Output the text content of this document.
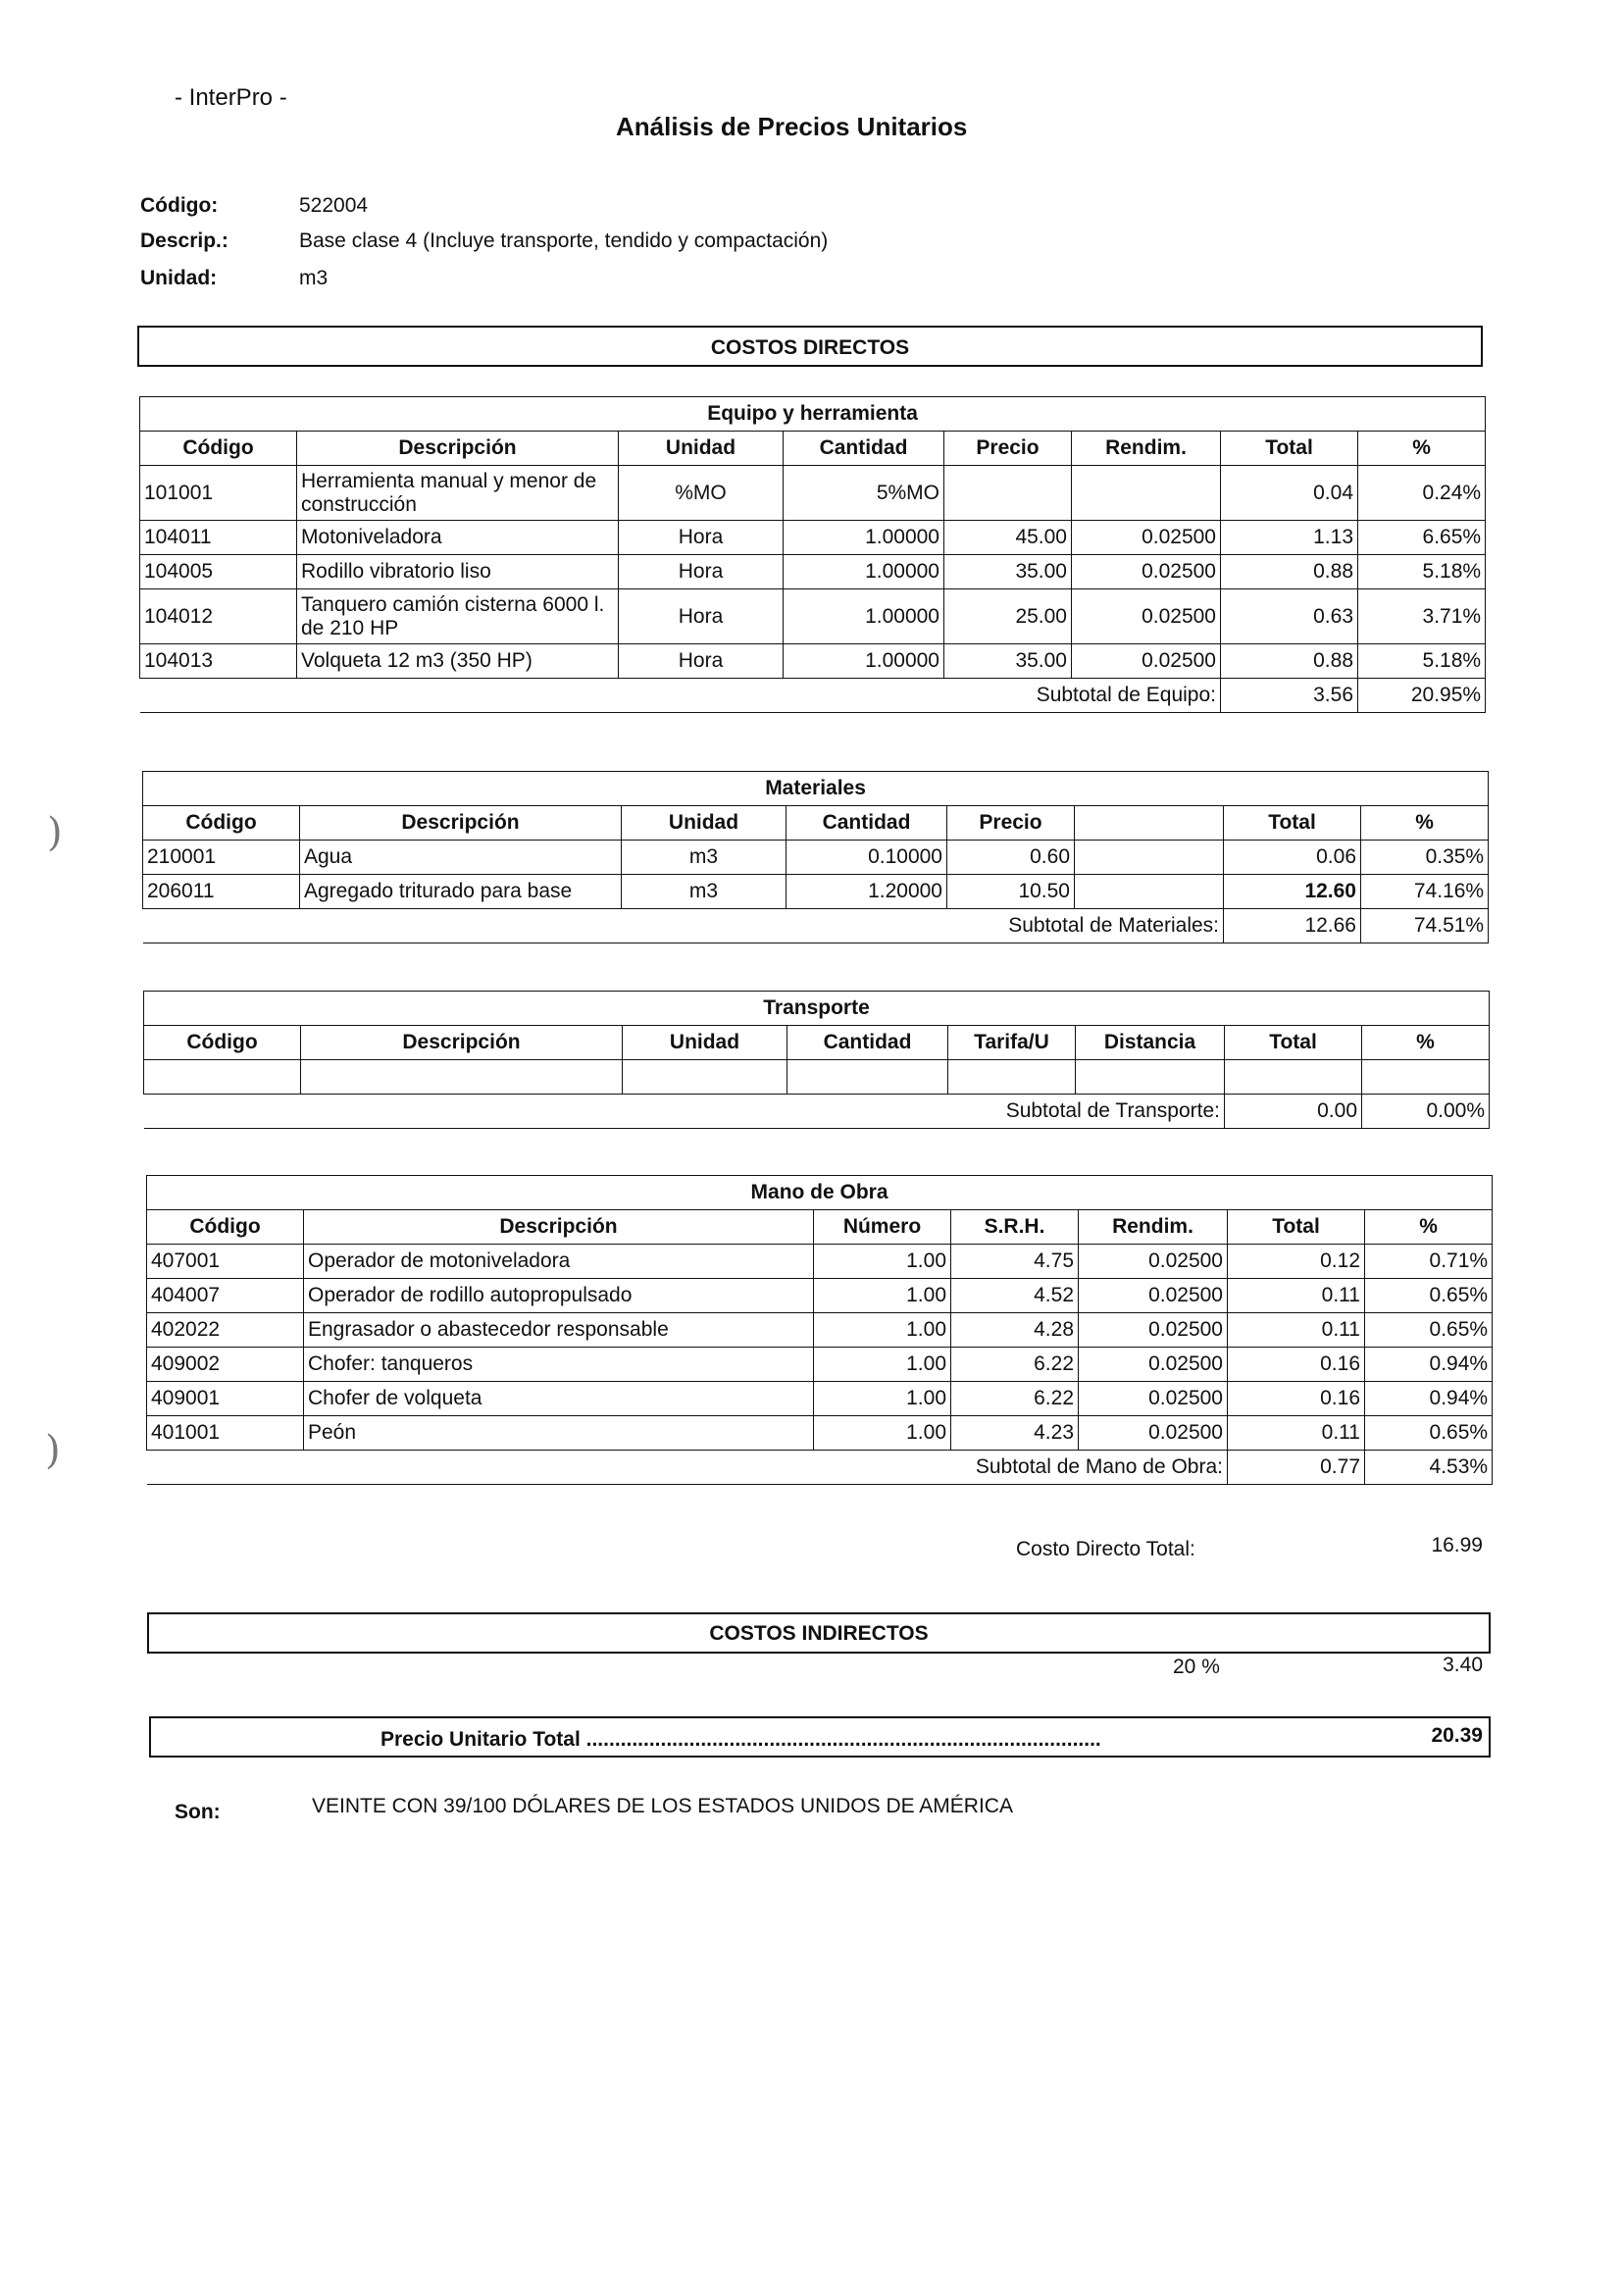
- InterPro -
Análisis de Precios Unitarios
Código:	522004
Descrip.:	Base clase 4 (Incluye transporte, tendido y compactación)
Unidad:	m3
COSTOS DIRECTOS
Equipo y herramienta							
Código	Descripción	Unidad	Cantidad	Precio	Rendim.	Total	%
101001	Herramienta manual y menor de construcción	%MO	5%MO			0.04	0.24%
104011	Motoniveladora	Hora	1.00000	45.00	0.02500	1.13	6.65%
104005	Rodillo vibratorio liso	Hora	1.00000	35.00	0.02500	0.88	5.18%
104012	Tanquero camión cisterna 6000 l. de 210 HP	Hora	1.00000	25.00	0.02500	0.63	3.71%
104013	Volqueta 12 m3 (350 HP)	Hora	1.00000	35.00	0.02500	0.88	5.18%
Subtotal de Equipo:						3.56	20.95%
Materiales							
Código	Descripción	Unidad	Cantidad	Precio		Total	%
210001	Agua	m3	0.10000	0.60		0.06	0.35%
206011	Agregado triturado para base	m3	1.20000	10.50		12.60	74.16%
Subtotal de Materiales:						12.66	74.51%
Transporte							
Código	Descripción	Unidad	Cantidad	Tarifa/U	Distancia	Total	%

Subtotal de Transporte:						0.00	0.00%
Mano de Obra						
Código	Descripción	Número	S.R.H.	Rendim.	Total	%
407001	Operador de motoniveladora	1.00	4.75	0.02500	0.12	0.71%
404007	Operador de rodillo autopropulsado	1.00	4.52	0.02500	0.11	0.65%
402022	Engrasador o abastecedor responsable	1.00	4.28	0.02500	0.11	0.65%
409002	Chofer: tanqueros	1.00	6.22	0.02500	0.16	0.94%
409001	Chofer de volqueta	1.00	6.22	0.02500	0.16	0.94%
401001	Peón	1.00	4.23	0.02500	0.11	0.65%
Subtotal de Mano de Obra:					0.77	4.53%
Costo Directo Total:	16.99
COSTOS INDIRECTOS
20 %	3.40
Precio Unitario Total ..........................................................................................	20.39
Son:	VEINTE CON 39/100 DÓLARES DE LOS ESTADOS UNIDOS DE AMÉRICA
)
)
